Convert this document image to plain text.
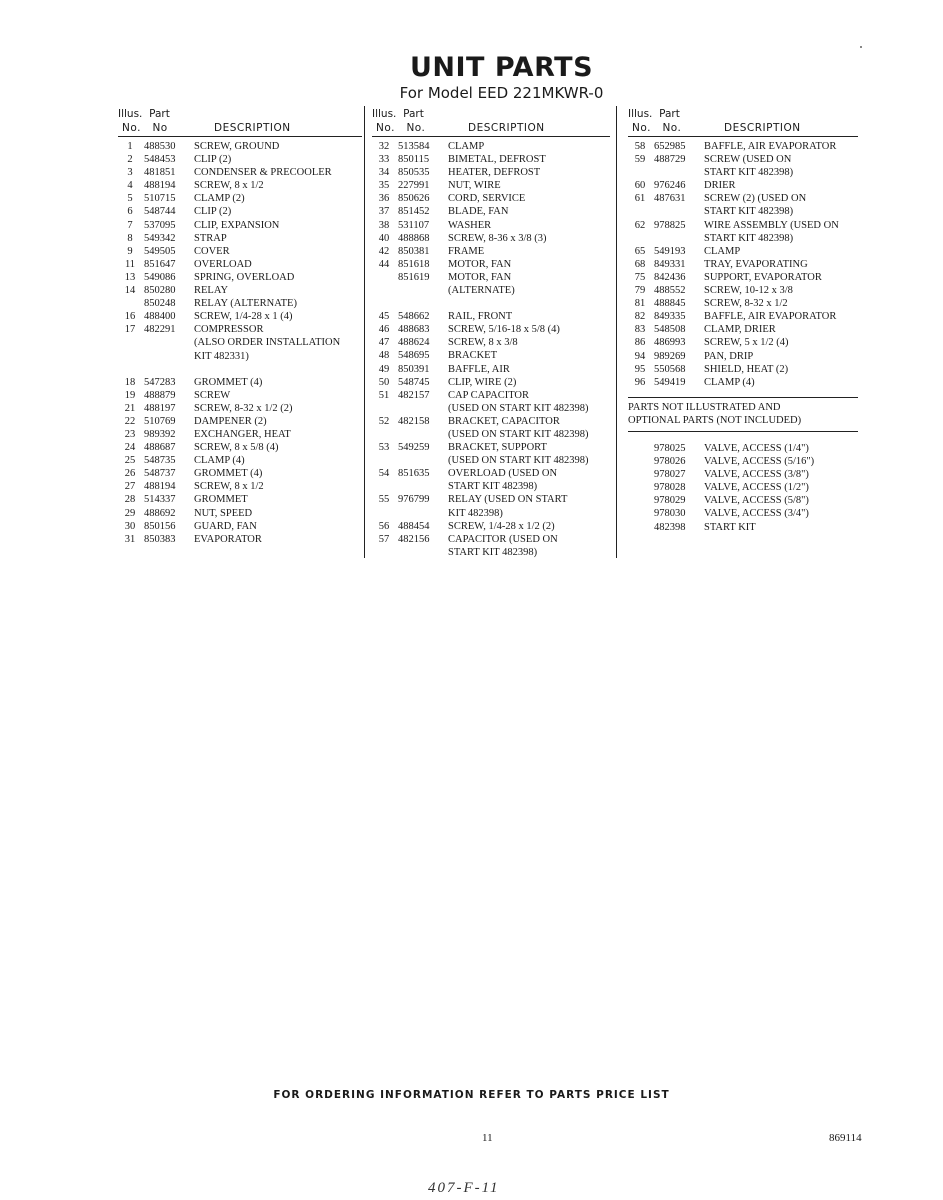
UNIT PARTS
For Model EED 221MKWR-0
Illus. Part
No. No	DESCRIPTION
1	488530	SCREW, GROUND
2	548453	CLIP (2)
3	481851	CONDENSER & PRECOOLER
4	488194	SCREW, 8 x 1/2
5	510715	CLAMP (2)
6	548744	CLIP (2)
7	537095	CLIP, EXPANSION
8	549342	STRAP
9	549505	COVER
11 851647	OVERLOAD
13 549086	SPRING, OVERLOAD
14 850280	RELAY
850248	RELAY (ALTERNATE)
16 488400	SCREW, 1/4-28 x 1 (4)
17 482291	COMPRESSOR
(ALSO ORDER INSTALLATION
KIT 482331)
18 547283	GROMMET (4)
19 488879	SCREW
21 488197	SCREW, 8-32 x 1/2 (2)
22 510769	DAMPENER (2)
23 989392	EXCHANGER, HEAT
24 488687	SCREW, 8 x 5/8 (4)
25 548735	CLAMP (4)
26 548737	GROMMET (4)
27 488194	SCREW, 8 x 1/2
28 514337	GROMMET
29 488692	NUT, SPEED
30 850156	GUARD, FAN
31 850383	EVAPORATOR
Illus. Part
No. No.	DESCRIPTION
32 513584	CLAMP
33 850115	BIMETAL, DEFROST
34 850535	HEATER, DEFROST
35 227991	NUT, WIRE
36 850626	CORD, SERVICE
37 851452	BLADE, FAN
38 531107	WASHER
40 488868	SCREW, 8-36 x 3/8 (3)
42 850381	FRAME
44 851618	MOTOR, FAN
851619	MOTOR, FAN
(ALTERNATE)
45 548662	RAIL, FRONT
46 488683	SCREW, 5/16-18 x 5/8 (4)
47 488624	SCREW, 8 x 3/8
48 548695	BRACKET
49 850391	BAFFLE, AIR
50 548745	CLIP, WIRE (2)
51 482157	CAP CAPACITOR
(USED ON START KIT 482398)
52 482158	BRACKET, CAPACITOR
(USED ON START KIT 482398)
53 549259	BRACKET, SUPPORT
(USED ON START KIT 482398)
54 851635	OVERLOAD (USED ON
START KIT 482398)
55 976799	RELAY (USED ON START
KIT 482398)
56 488454	SCREW, 1/4-28 x 1/2 (2)
57 482156	CAPACITOR (USED ON
START KIT 482398)
Illus. Part
No. No.	DESCRIPTION
58 652985	BAFFLE, AIR EVAPORATOR
59 488729	SCREW (USED ON
START KIT 482398)
60 976246	DRIER
61 487631	SCREW (2) (USED ON
START KIT 482398)
62 978825	WIRE ASSEMBLY (USED ON
START KIT 482398)
65 549193	CLAMP
68 849331	TRAY, EVAPORATING
75 842436	SUPPORT, EVAPORATOR
79 488552	SCREW, 10-12 x 3/8
81 488845	SCREW, 8-32 x 1/2
82 849335	BAFFLE, AIR EVAPORATOR
83 548508	CLAMP, DRIER
86 486993	SCREW, 5 x 1/2 (4)
94 989269	PAN, DRIP
95 550568	SHIELD, HEAT (2)
96 549419	CLAMP (4)
PARTS NOT ILLUSTRATED AND
OPTIONAL PARTS (NOT INCLUDED)
978025	VALVE, ACCESS (1/4")
978026	VALVE, ACCESS (5/16")
978027	VALVE, ACCESS (3/8")
978028	VALVE, ACCESS (1/2")
978029	VALVE, ACCESS (5/8")
978030	VALVE, ACCESS (3/4")
482398	START KIT
FOR ORDERING INFORMATION REFER TO PARTS PRICE LIST
11	869114
407-F-11
